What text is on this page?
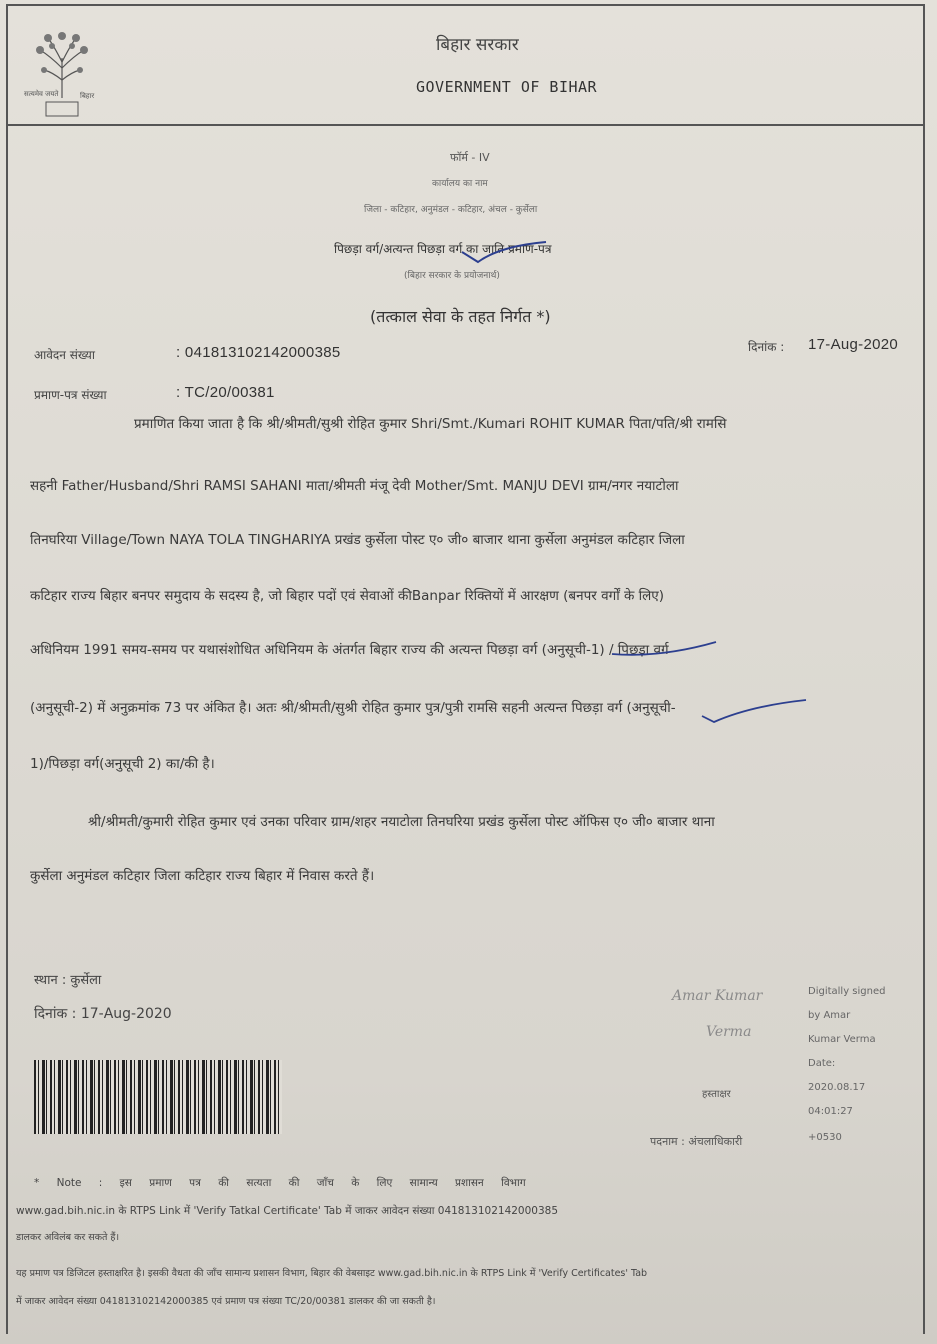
सत्यमेव जयते	बिहार
बिहार सरकार
GOVERNMENT OF BIHAR
फॉर्म - IV
कार्यालय का नाम
जिला - कटिहार, अनुमंडल - कटिहार, अंचल - कुर्सेला
पिछड़ा वर्ग/अत्यन्त पिछड़ा वर्ग का जाति प्रमाण-पत्र
(बिहार सरकार के प्रयोजनार्थ)
(तत्काल सेवा के तहत निर्गत *)
आवेदन संख्या	: 041813102142000385
प्रमाण-पत्र संख्या	: TC/20/00381
दिनांक : 17-Aug-2020
प्रमाणित किया जाता है कि श्री/श्रीमती/सुश्री रोहित कुमार Shri/Smt./Kumari ROHIT KUMAR पिता/पति/श्री रामसि
सहनी Father/Husband/Shri RAMSI SAHANI माता/श्रीमती मंजू देवी Mother/Smt. MANJU DEVI ग्राम/नगर नयाटोला
तिनघरिया Village/Town NAYA TOLA TINGHARIYA प्रखंड कुर्सेला पोस्ट ए० जी० बाजार थाना कुर्सेला अनुमंडल कटिहार जिला
कटिहार राज्य बिहार बनपर समुदाय के सदस्य है, जो बिहार पदों एवं सेवाओं कीBanpar रिक्तियों में आरक्षण (बनपर वर्गों के लिए)
अधिनियम 1991 समय-समय पर यथासंशोधित अधिनियम के अंतर्गत बिहार राज्य की अत्यन्त पिछड़ा वर्ग (अनुसूची-1) / पिछड़ा वर्ग
(अनुसूची-2) में अनुक्रमांक 73 पर अंकित है। अतः श्री/श्रीमती/सुश्री रोहित कुमार पुत्र/पुत्री रामसि सहनी अत्यन्त पिछड़ा वर्ग (अनुसूची-
1)/पिछड़ा वर्ग(अनुसूची 2) का/की है।
श्री/श्रीमती/कुमारी रोहित कुमार एवं उनका परिवार ग्राम/शहर नयाटोला तिनघरिया प्रखंड कुर्सेला पोस्ट ऑफिस ए० जी० बाजार थाना
कुर्सेला अनुमंडल कटिहार जिला कटिहार राज्य बिहार में निवास करते हैं।
स्थान : कुर्सेला
दिनांक : 17-Aug-2020
Amar Kumar
Verma
Digitally signed
by Amar
Kumar Verma
Date:
2020.08.17
04:01:27
+0530
हस्ताक्षर
पदनाम : अंचलाधिकारी
* Note : इस प्रमाण पत्र की सत्यता की जाँच के लिए सामान्य प्रशासन विभाग
www.gad.bih.nic.in के RTPS Link में 'Verify Tatkal Certificate' Tab में जाकर आवेदन संख्या 041813102142000385
डालकर अविलंब कर सकते हैं।
यह प्रमाण पत्र डिजिटल हस्ताक्षरित है। इसकी वैधता की जाँच सामान्य प्रशासन विभाग, बिहार की वेबसाइट www.gad.bih.nic.in के RTPS Link में 'Verify Certificates' Tab
में जाकर आवेदन संख्या 041813102142000385 एवं प्रमाण पत्र संख्या TC/20/00381 डालकर की जा सकती है।
